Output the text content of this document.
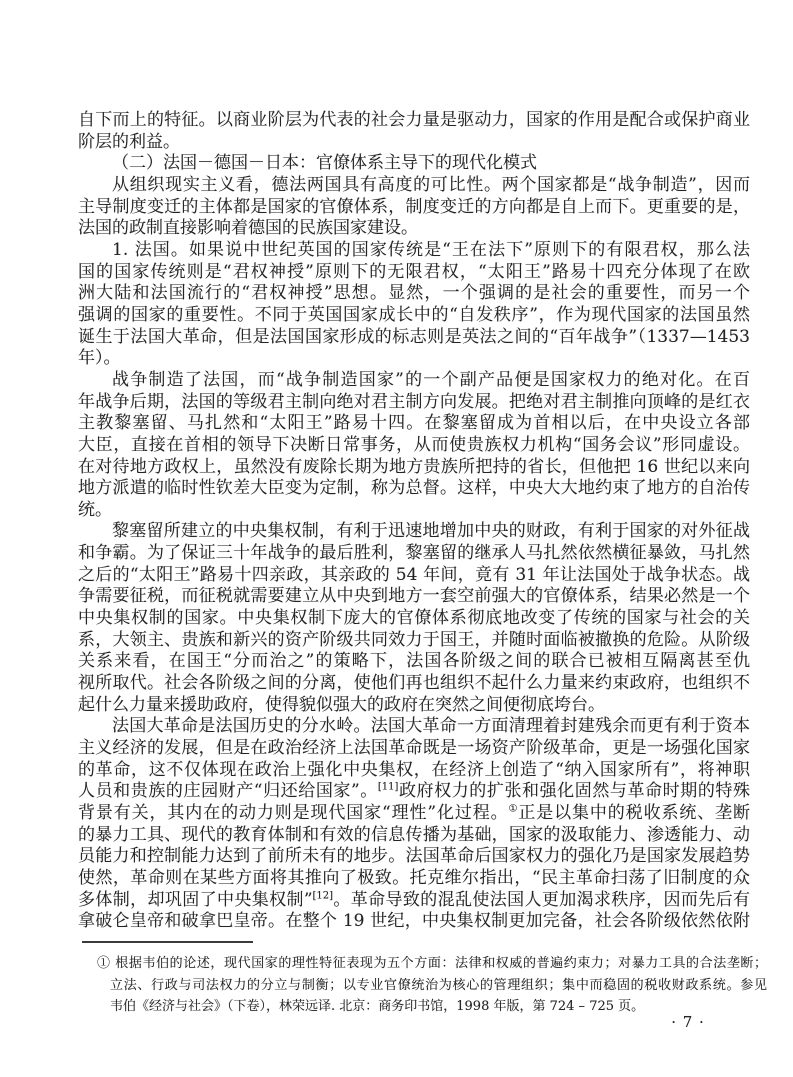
自下而上的特征。以商业阶层为代表的社会力量是驱动力，国家的作用是配合或保护商业
阶层的利益。
（二）法国－德国－日本：官僚体系主导下的现代化模式
从组织现实主义看，德法两国具有高度的可比性。两个国家都是“战争制造”，因而
主导制度变迁的主体都是国家的官僚体系，制度变迁的方向都是自上而下。更重要的是，
法国的政制直接影响着德国的民族国家建设。
1. 法国。如果说中世纪英国的国家传统是“王在法下”原则下的有限君权，那么法
国的国家传统则是“君权神授”原则下的无限君权，“太阳王”路易十四充分体现了在欧
洲大陆和法国流行的“君权神授”思想。显然，一个强调的是社会的重要性，而另一个
强调的国家的重要性。不同于英国国家成长中的“自发秩序”，作为现代国家的法国虽然
诞生于法国大革命，但是法国国家形成的标志则是英法之间的“百年战争”（1337—1453
年）。
战争制造了法国，而“战争制造国家”的一个副产品便是国家权力的绝对化。在百
年战争后期，法国的等级君主制向绝对君主制方向发展。把绝对君主制推向顶峰的是红衣
主教黎塞留、马扎然和“太阳王”路易十四。在黎塞留成为首相以后，在中央设立各部
大臣，直接在首相的领导下决断日常事务，从而使贵族权力机构“国务会议”形同虚设。
在对待地方政权上，虽然没有废除长期为地方贵族所把持的省长，但他把 16 世纪以来向
地方派遣的临时性钦差大臣变为定制，称为总督。这样，中央大大地约束了地方的自治传
统。
黎塞留所建立的中央集权制，有利于迅速地增加中央的财政，有利于国家的对外征战
和争霸。为了保证三十年战争的最后胜利，黎塞留的继承人马扎然依然横征暴敛，马扎然
之后的“太阳王”路易十四亲政，其亲政的 54 年间，竟有 31 年让法国处于战争状态。战
争需要征税，而征税就需要建立从中央到地方一套空前强大的官僚体系，结果必然是一个
中央集权制的国家。中央集权制下庞大的官僚体系彻底地改变了传统的国家与社会的关
系，大领主、贵族和新兴的资产阶级共同效力于国王，并随时面临被撤换的危险。从阶级
关系来看，在国王“分而治之”的策略下，法国各阶级之间的联合已被相互隔离甚至仇
视所取代。社会各阶级之间的分离，使他们再也组织不起什么力量来约束政府，也组织不
起什么力量来援助政府，使得貌似强大的政府在突然之间便彻底垮台。
法国大革命是法国历史的分水岭。法国大革命一方面清理着封建残余而更有利于资本
主义经济的发展，但是在政治经济上法国革命既是一场资产阶级革命，更是一场强化国家
的革命，这不仅体现在政治上强化中央集权，在经济上创造了“纳入国家所有”，将神职
人员和贵族的庄园财产“归还给国家”。[11]政府权力的扩张和强化固然与革命时期的特殊
背景有关，其内在的动力则是现代国家“理性”化过程。①正是以集中的税收系统、垄断
的暴力工具、现代的教育体制和有效的信息传播为基础，国家的汲取能力、渗透能力、动
员能力和控制能力达到了前所未有的地步。法国革命后国家权力的强化乃是国家发展趋势
使然，革命则在某些方面将其推向了极致。托克维尔指出，“民主革命扫荡了旧制度的众
多体制，却巩固了中央集权制”[12]。革命导致的混乱使法国人更加渴求秩序，因而先后有
拿破仑皇帝和破拿巴皇帝。在整个 19 世纪，中央集权制更加完备，社会各阶级依然依附
① 根据韦伯的论述，现代国家的理性特征表现为五个方面：法律和权威的普遍约束力；对暴力工具的合法垄断；
立法、行政与司法权力的分立与制衡；以专业官僚统治为核心的管理组织；集中而稳固的税收财政系统。参见
韦伯《经济与社会》（下卷），林荣远译. 北京：商务印书馆，1998 年版，第 724 – 725 页。
· 7 ·
